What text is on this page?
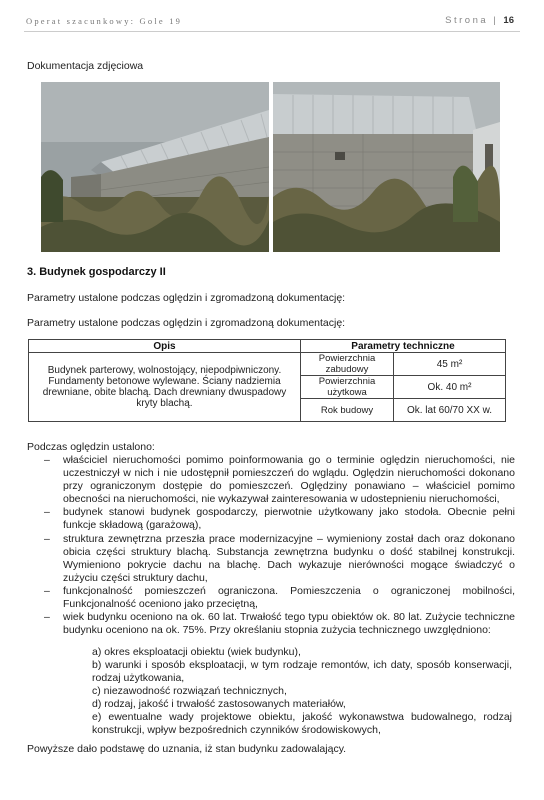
Operat szacunkowy: Gole 19	Strona | 16
Dokumentacja zdjęciowa
3. Budynek gospodarczy II
Parametry ustalone podczas oględzin i zgromadzoną dokumentację:
Parametry ustalone podczas oględzin i zgromadzoną dokumentację:
Opis	Parametry techniczne	
Budynek parterowy, wolnostojący, niepodpiwniczony. Fundamenty betonowe wylewane. Ściany nadziemia drewniane, obite blachą. Dach drewniany dwuspadowy kryty blachą.	Powierzchnia zabudowy	45 m²
	Powierzchnia użytkowa	Ok. 40 m²
	Rok budowy	Ok. lat 60/70 XX w.
Podczas oględzin ustalono:
– właściciel nieruchomości pomimo poinformowania go o terminie oględzin nieruchomości, nie uczestniczył w nich i nie udostępnił pomieszczeń do wglądu. Oględzin nieruchomości dokonano przy ograniczonym dostępie do pomieszczeń. Oględziny ponawiano – właściciel pomimo obecności na nieruchomości, nie wykazywał zainteresowania w udostepnieniu nieruchomości,
– budynek stanowi budynek gospodarczy, pierwotnie użytkowany jako stodoła. Obecnie pełni funkcje składową (garażową),
– struktura zewnętrzna przeszła prace modernizacyjne – wymieniony został dach oraz dokonano obicia części struktury blachą. Substancja zewnętrzna budynku o dość stabilnej konstrukcji. Wymieniono pokrycie dachu na blachę. Dach wykazuje nierówności mogące świadczyć o zużyciu części struktury dachu,
– funkcjonalność pomieszczeń ograniczona. Pomieszczenia o ograniczonej mobilności, Funkcjonalność oceniono jako przeciętną,
– wiek budynku oceniono na ok. 60 lat. Trwałość tego typu obiektów ok. 80 lat. Zużycie techniczne budynku oceniono na ok. 75%. Przy określaniu stopnia zużycia technicznego uwzględniono:
a) okres eksploatacji obiektu (wiek budynku),
b) warunki i sposób eksploatacji, w tym rodzaje remontów, ich daty, sposób konserwacji, rodzaj użytkowania,
c) niezawodność rozwiązań technicznych,
d) rodzaj, jakość i trwałość zastosowanych materiałów,
e) ewentualne wady projektowe obiektu, jakość wykonawstwa budowalnego, rodzaj konstrukcji, wpływ bezpośrednich czynników środowiskowych,
Powyższe dało podstawę do uznania, iż stan budynku zadowalający.
